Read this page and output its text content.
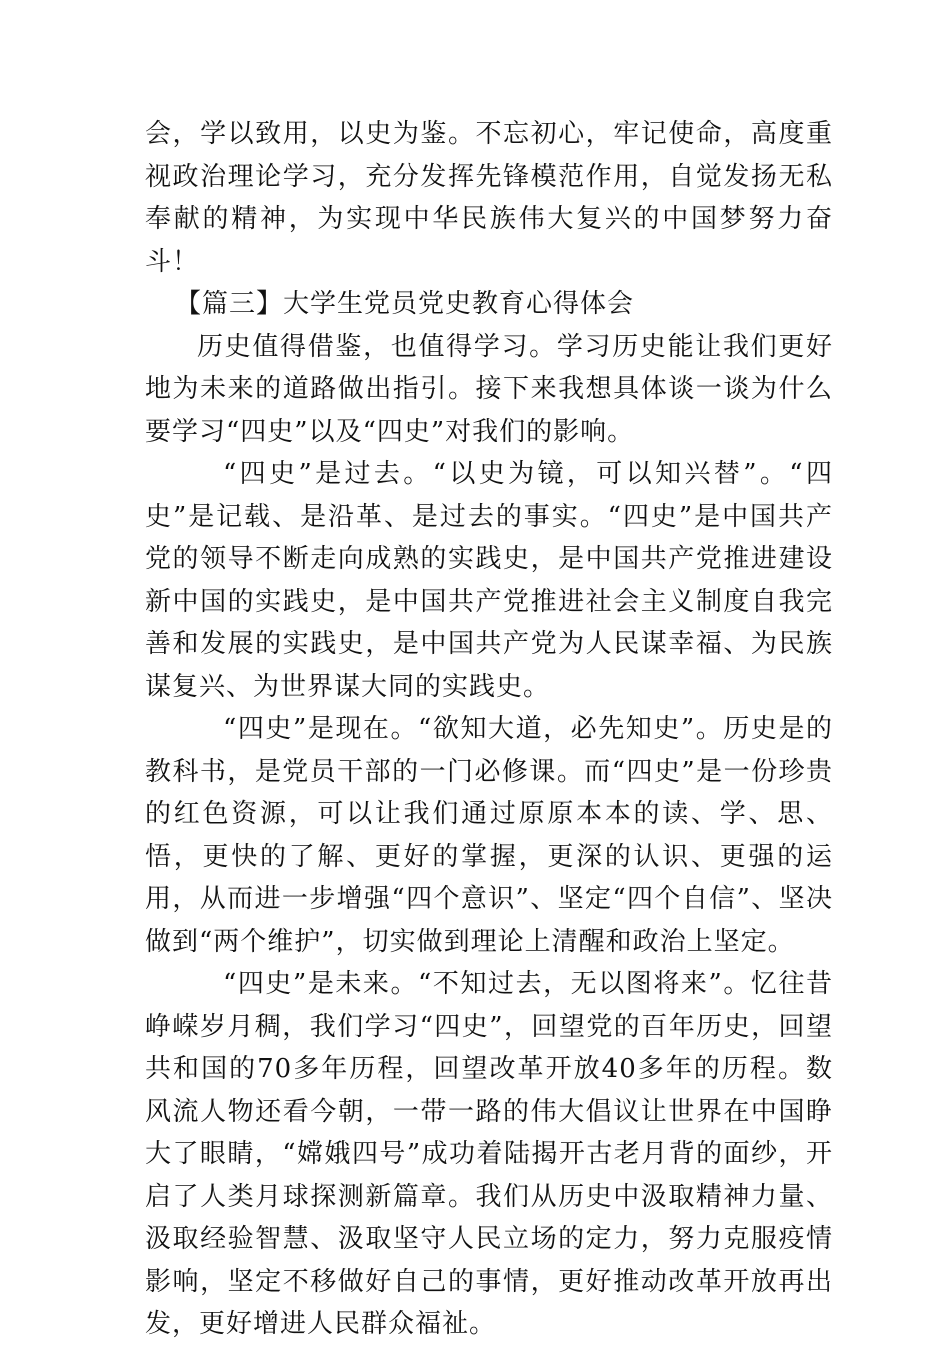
会，学以致用，以史为鉴。不忘初心，牢记使命，高度重视政治理论学习，充分发挥先锋模范作用，自觉发扬无私奉献的精神，为实现中华民族伟大复兴的中国梦努力奋斗！

【篇三】大学生党员党史教育心得体会

历史值得借鉴，也值得学习。学习历史能让我们更好地为未来的道路做出指引。接下来我想具体谈一谈为什么要学习“四史”以及“四史”对我们的影响。

“四史”是过去。“以史为镜，可以知兴替”。“四史”是记载、是沿革、是过去的事实。“四史”是中国共产党的领导不断走向成熟的实践史，是中国共产党推进建设新中国的实践史，是中国共产党推进社会主义制度自我完善和发展的实践史，是中国共产党为人民谋幸福、为民族谋复兴、为世界谋大同的实践史。

“四史”是现在。“欲知大道，必先知史”。历史是的教科书，是党员干部的一门必修课。而“四史”是一份珍贵的红色资源，可以让我们通过原原本本的读、学、思、悟，更快的了解、更好的掌握，更深的认识、更强的运用，从而进一步增强“四个意识”、坚定“四个自信”、坚决做到“两个维护”，切实做到理论上清醒和政治上坚定。

“四史”是未来。“不知过去，无以图将来”。忆往昔峥嵘岁月稠，我们学习“四史”，回望党的百年历史，回望共和国的70多年历程，回望改革开放40多年的历程。数风流人物还看今朝，一带一路的伟大倡议让世界在中国睁大了眼睛，“嫦娥四号”成功着陆揭开古老月背的面纱，开启了人类月球探测新篇章。我们从历史中汲取精神力量、汲取经验智慧、汲取坚守人民立场的定力，努力克服疫情影响，坚定不移做好自己的事情，更好推动改革开放再出发，更好增进人民群众福祉。
